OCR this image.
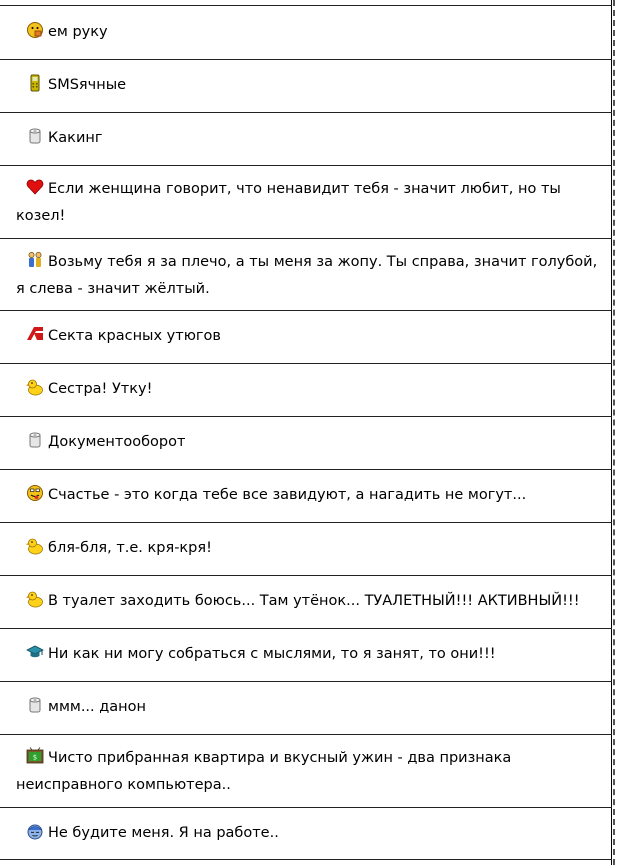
ем руку
SMSячные
Какинг
Если женщина говорит, что ненавидит тебя - значит любит, но ты козел!
Возьму тебя я за плечо, а ты меня за жопу. Ты справа, значит голубой, я слева - значит жёлтый.
Секта красных утюгов
Сестра! Утку!
Документооборот
Счастье - это когда тебе все завидуют, а нагадить не могут...
бля-бля, т.е. кря-кря!
В туалет заходить боюсь... Там утёнок... ТУАЛЕТНЫЙ!!! АКТИВНЫЙ!!!
Ни как ни могу собраться с мыслями, то я занят, то они!!!
ммм... данон
$ Чисто прибранная квартира и вкусный ужин - два признака неисправного компьютера..
Не будите меня. Я на работе..
